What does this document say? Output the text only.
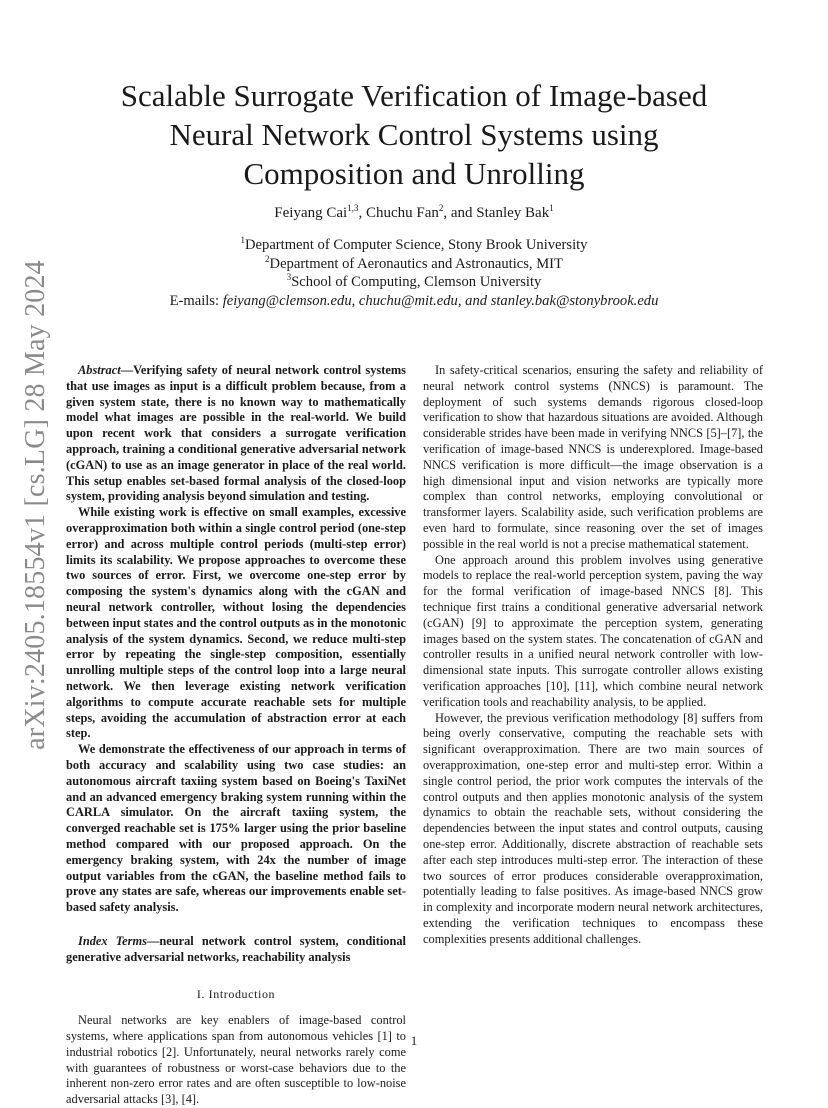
arXiv:2405.18554v1 [cs.LG] 28 May 2024
Scalable Surrogate Verification of Image-based
Neural Network Control Systems using
Composition and Unrolling
Feiyang Cai$^{1,3}$, Chuchu Fan$^2$, and Stanley Bak$^1$
$^1$Department of Computer Science, Stony Brook University
$^2$Department of Aeronautics and Astronautics, MIT
$^3$School of Computing, Clemson University
E-mails: feiyang@clemson.edu, chuchu@mit.edu, and stanley.bak@stonybrook.edu

Abstract—Verifying safety of neural network control systems that use images as input is a difficult problem because, from a given system state, there is no known way to mathematically model what images are possible in the real-world. We build upon recent work that considers a surrogate verification approach, training a conditional generative adversarial network (cGAN) to use as an image generator in place of the real world. This setup enables set-based formal analysis of the closed-loop system, providing analysis beyond simulation and testing.

While existing work is effective on small examples, excessive overapproximation both within a single control period (one-step error) and across multiple control periods (multi-step error) limits its scalability. We propose approaches to overcome these two sources of error. First, we overcome one-step error by composing the system's dynamics along with the cGAN and neural network controller, without losing the dependencies between input states and the control outputs as in the monotonic analysis of the system dynamics. Second, we reduce multi-step error by repeating the single-step composition, essentially unrolling multiple steps of the control loop into a large neural network. We then leverage existing network verification algorithms to compute accurate reachable sets for multiple steps, avoiding the accumulation of abstraction error at each step.

We demonstrate the effectiveness of our approach in terms of both accuracy and scalability using two case studies: an autonomous aircraft taxiing system based on Boeing's TaxiNet and an advanced emergency braking system running within the CARLA simulator. On the aircraft taxiing system, the converged reachable set is 175% larger using the prior baseline method compared with our proposed approach. On the emergency braking system, with 24x the number of image output variables from the cGAN, the baseline method fails to prove any states are safe, whereas our improvements enable set-based safety analysis.

Index Terms—neural network control system, conditional generative adversarial networks, reachability analysis

I. Introduction

Neural networks are key enablers of image-based control systems, where applications span from autonomous vehicles [1] to industrial robotics [2]. Unfortunately, neural networks rarely come with guarantees of robustness or worst-case behaviors due to the inherent non-zero error rates and are often susceptible to low-noise adversarial attacks [3], [4].

In safety-critical scenarios, ensuring the safety and reliability of neural network control systems (NNCS) is paramount. The deployment of such systems demands rigorous closed-loop verification to show that hazardous situations are avoided. Although considerable strides have been made in verifying NNCS [5]–[7], the verification of image-based NNCS is underexplored. Image-based NNCS verification is more difficult—the image observation is a high dimensional input and vision networks are typically more complex than control networks, employing convolutional or transformer layers. Scalability aside, such verification problems are even hard to formulate, since reasoning over the set of images possible in the real world is not a precise mathematical statement.

One approach around this problem involves using generative models to replace the real-world perception system, paving the way for the formal verification of image-based NNCS [8]. This technique first trains a conditional generative adversarial network (cGAN) [9] to approximate the perception system, generating images based on the system states. The concatenation of cGAN and controller results in a unified neural network controller with low-dimensional state inputs. This surrogate controller allows existing verification approaches [10], [11], which combine neural network verification tools and reachability analysis, to be applied.

However, the previous verification methodology [8] suffers from being overly conservative, computing the reachable sets with significant overapproximation. There are two main sources of overapproximation, one-step error and multi-step error. Within a single control period, the prior work computes the intervals of the control outputs and then applies monotonic analysis of the system dynamics to obtain the reachable sets, without considering the dependencies between the input states and control outputs, causing one-step error. Additionally, discrete abstraction of reachable sets after each step introduces multi-step error. The interaction of these two sources of error produces considerable overapproximation, potentially leading to false positives. As image-based NNCS grow in complexity and incorporate modern neural network architectures, extending the verification techniques to encompass these complexities presents additional challenges.

1
